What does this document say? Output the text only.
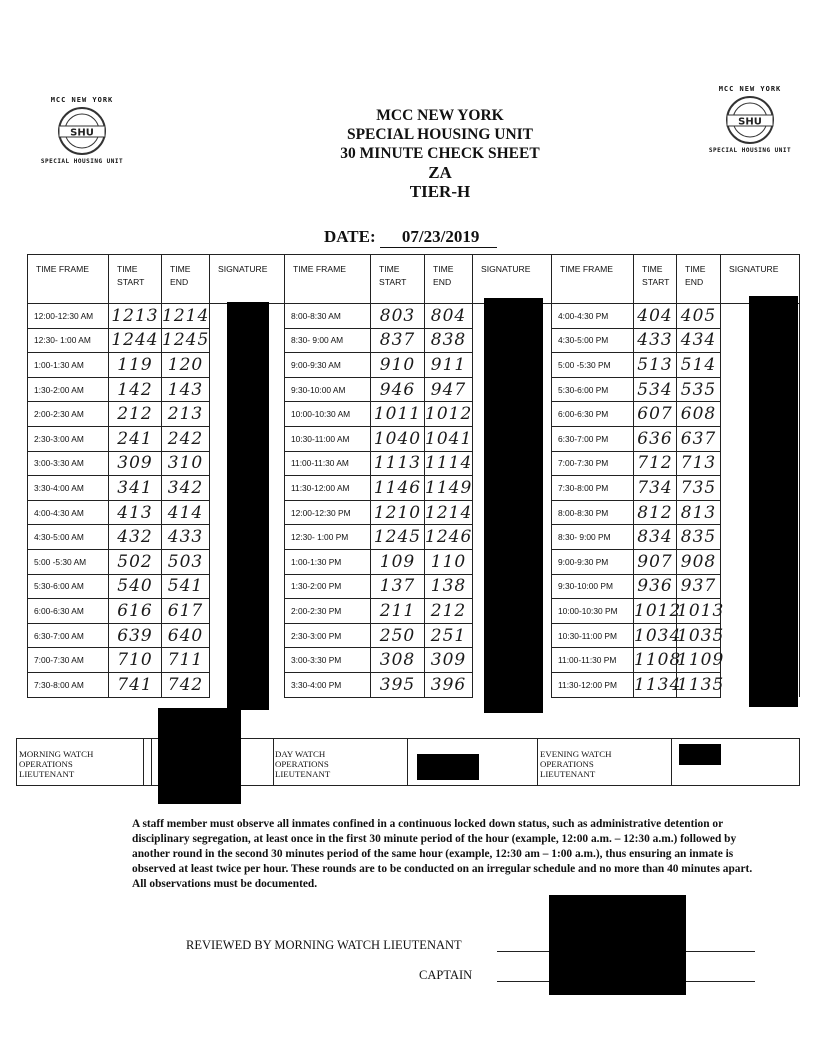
MCC NEW YORK
SHU
SPECIAL HOUSING UNIT
MCC NEW YORK
SHU
SPECIAL HOUSING UNIT
MCC NEW YORK
SPECIAL HOUSING UNIT
30 MINUTE CHECK SHEET
ZA
TIER-H
DATE: 07/23/2019
TIME FRAME	TIME START	TIME END	SIGNATURE	TIME FRAME	TIME START	TIME END	SIGNATURE	TIME FRAME	TIME START	TIME END	SIGNATURE
12:00-12:30 AM	1213	1214		8:00-8:30 AM	803	804		4:00-4:30 PM	404	405	
12:30- 1:00 AM	1244	1245		8:30- 9:00 AM	837	838		4:30-5:00 PM	433	434	
1:00-1:30 AM	119	120		9:00-9:30 AM	910	911		5:00 -5:30 PM	513	514	
1:30-2:00 AM	142	143		9:30-10:00 AM	946	947		5:30-6:00 PM	534	535	
2:00-2:30 AM	212	213		10:00-10:30 AM	1011	1012		6:00-6:30 PM	607	608	
2:30-3:00 AM	241	242		10:30-11:00 AM	1040	1041		6:30-7:00 PM	636	637	
3:00-3:30 AM	309	310		11:00-11:30 AM	1113	1114		7:00-7:30 PM	712	713	
3:30-4:00 AM	341	342		11:30-12:00 AM	1146	1149		7:30-8:00 PM	734	735	
4:00-4:30 AM	413	414		12:00-12:30 PM	1210	1214		8:00-8:30 PM	812	813	
4:30-5:00 AM	432	433		12:30- 1:00 PM	1245	1246		8:30- 9:00 PM	834	835	
5:00 -5:30 AM	502	503		1:00-1:30 PM	109	110		9:00-9:30 PM	907	908	
5:30-6:00 AM	540	541		1:30-2:00 PM	137	138		9:30-10:00 PM	936	937	
6:00-6:30 AM	616	617		2:00-2:30 PM	211	212		10:00-10:30 PM	1012	1013	
6:30-7:00 AM	639	640		2:30-3:00 PM	250	251		10:30-11:00 PM	1034	1035	
7:00-7:30 AM	710	711		3:00-3:30 PM	308	309		11:00-11:30 PM	1108	1109	
7:30-8:00 AM	741	742		3:30-4:00 PM	395	396		11:30-12:00 PM	1134	1135	
MORNING WATCH OPERATIONS LIEUTENANT
DAY WATCH OPERATIONS LIEUTENANT
EVENING WATCH OPERATIONS LIEUTENANT
A staff member must observe all inmates confined in a continuous locked down status, such as administrative detention or disciplinary segregation, at least once in the first 30 minute period of the hour (example, 12:00 a.m. – 12:30 a.m.) followed by another round in the second 30 minutes period of the same hour (example, 12:30 am – 1:00 a.m.), thus ensuring an inmate is observed at least twice per hour. These rounds are to be conducted on an irregular schedule and no more than 40 minutes apart. All observations must be documented.
REVIEWED BY MORNING WATCH LIEUTENANT
CAPTAIN
